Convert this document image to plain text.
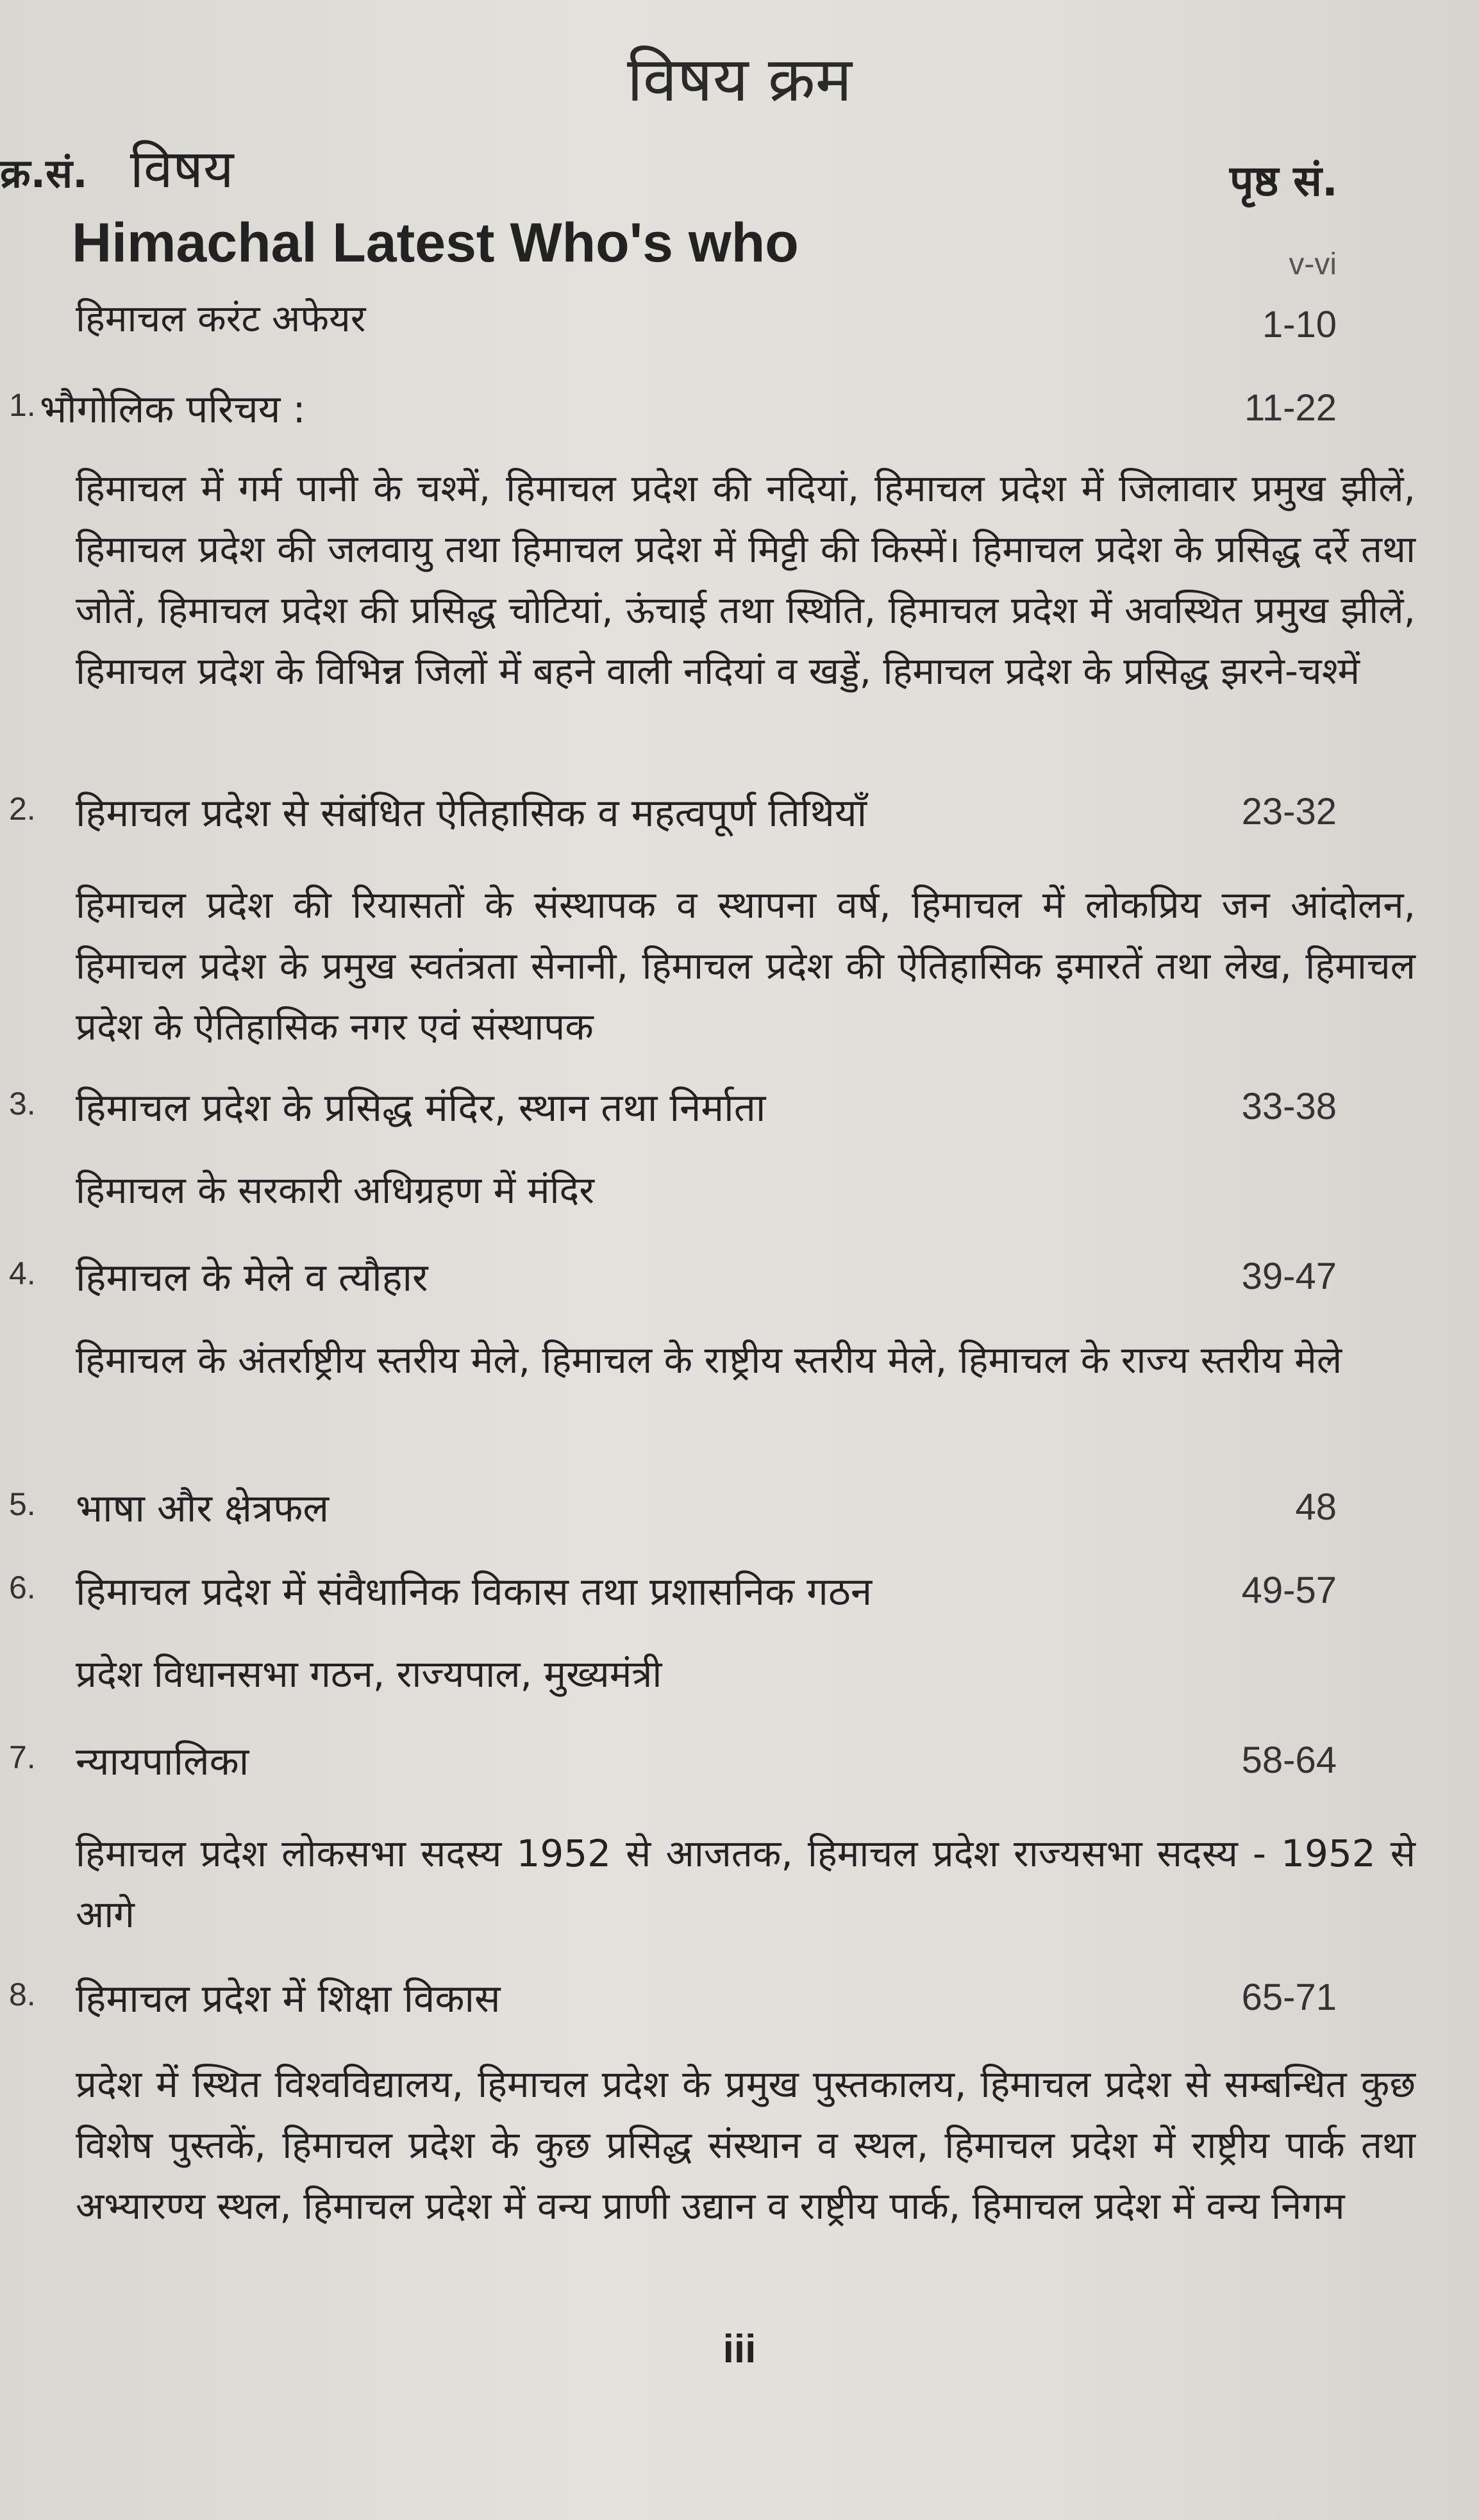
विषय क्रम
क्र.सं. विषय	पृष्ठ सं.
Himachal Latest Who's who	v-vi
हिमाचल करंट अफेयर	1-10
1. भौगोलिक परिचय :	11-22
हिमाचल में गर्म पानी के चश्में, हिमाचल प्रदेश की नदियां, हिमाचल प्रदेश में जिलावार प्रमुख झीलें, हिमाचल प्रदेश की जलवायु तथा हिमाचल प्रदेश में मिट्टी की किस्में। हिमाचल प्रदेश के प्रसिद्ध दर्रे तथा जोतें, हिमाचल प्रदेश की प्रसिद्ध चोटियां, ऊंचाई तथा स्थिति, हिमाचल प्रदेश में अवस्थित प्रमुख झीलें, हिमाचल प्रदेश के विभिन्न जिलों में बहने वाली नदियां व खड्डें, हिमाचल प्रदेश के प्रसिद्ध झरने-चश्में
2. हिमाचल प्रदेश से संबंधित ऐतिहासिक व महत्वपूर्ण तिथियाँ	23-32
हिमाचल प्रदेश की रियासतों के संस्थापक व स्थापना वर्ष, हिमाचल में लोकप्रिय जन आंदोलन, हिमाचल प्रदेश के प्रमुख स्वतंत्रता सेनानी, हिमाचल प्रदेश की ऐतिहासिक इमारतें तथा लेख, हिमाचल प्रदेश के ऐतिहासिक नगर एवं संस्थापक
3. हिमाचल प्रदेश के प्रसिद्ध मंदिर, स्थान तथा निर्माता	33-38
हिमाचल के सरकारी अधिग्रहण में मंदिर
4. हिमाचल के मेले व त्यौहार	39-47
हिमाचल के अंतर्राष्ट्रीय स्तरीय मेले, हिमाचल के राष्ट्रीय स्तरीय मेले, हिमाचल के राज्य स्तरीय मेले
5. भाषा और क्षेत्रफल	48
6. हिमाचल प्रदेश में संवैधानिक विकास तथा प्रशासनिक गठन	49-57
प्रदेश विधानसभा गठन, राज्यपाल, मुख्यमंत्री
7. न्यायपालिका	58-64
हिमाचल प्रदेश लोकसभा सदस्य 1952 से आजतक, हिमाचल प्रदेश राज्यसभा सदस्य - 1952 से आगे
8. हिमाचल प्रदेश में शिक्षा विकास	65-71
प्रदेश में स्थित विश्वविद्यालय, हिमाचल प्रदेश के प्रमुख पुस्तकालय, हिमाचल प्रदेश से सम्बन्धित कुछ विशेष पुस्तकें, हिमाचल प्रदेश के कुछ प्रसिद्ध संस्थान व स्थल, हिमाचल प्रदेश में राष्ट्रीय पार्क तथा अभ्यारण्य स्थल, हिमाचल प्रदेश में वन्य प्राणी उद्यान व राष्ट्रीय पार्क, हिमाचल प्रदेश में वन्य निगम
iii
